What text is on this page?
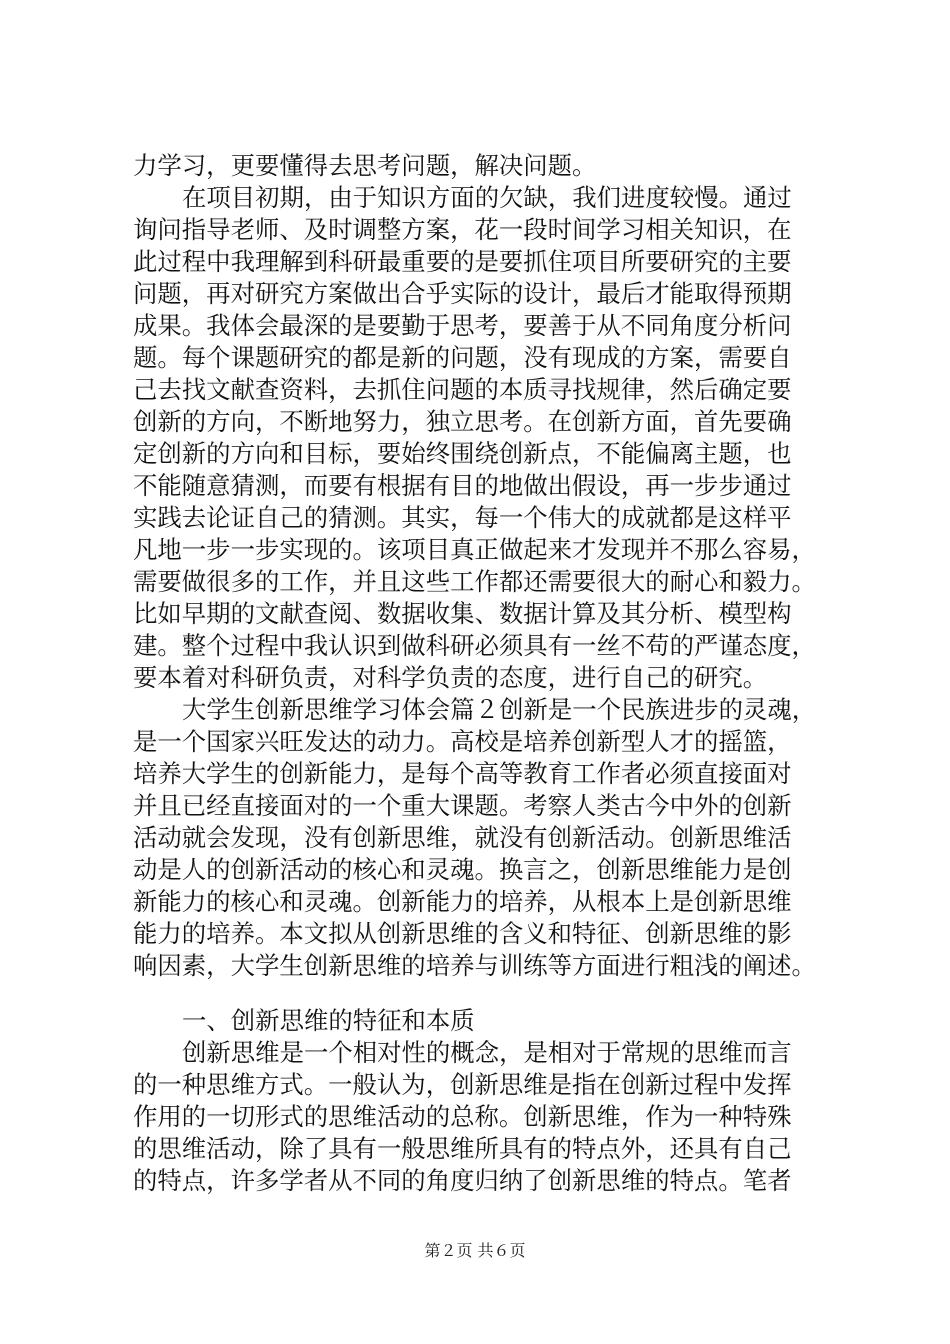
力学习，更要懂得去思考问题，解决问题。
在项目初期，由于知识方面的欠缺，我们进度较慢。通过
询问指导老师、及时调整方案，花一段时间学习相关知识，在
此过程中我理解到科研最重要的是要抓住项目所要研究的主要
问题，再对研究方案做出合乎实际的设计，最后才能取得预期
成果。我体会最深的是要勤于思考，要善于从不同角度分析问
题。每个课题研究的都是新的问题，没有现成的方案，需要自
己去找文献查资料，去抓住问题的本质寻找规律，然后确定要
创新的方向，不断地努力，独立思考。在创新方面，首先要确
定创新的方向和目标，要始终围绕创新点，不能偏离主题，也
不能随意猜测，而要有根据有目的地做出假设，再一步步通过
实践去论证自己的猜测。其实，每一个伟大的成就都是这样平
凡地一步一步实现的。该项目真正做起来才发现并不那么容易，
需要做很多的工作，并且这些工作都还需要很大的耐心和毅力。
比如早期的文献查阅、数据收集、数据计算及其分析、模型构
建。整个过程中我认识到做科研必须具有一丝不苟的严谨态度，
要本着对科研负责，对科学负责的态度，进行自己的研究。
大学生创新思维学习体会篇２创新是一个民族进步的灵魂，
是一个国家兴旺发达的动力。高校是培养创新型人才的摇篮，
培养大学生的创新能力，是每个高等教育工作者必须直接面对
并且已经直接面对的一个重大课题。考察人类古今中外的创新
活动就会发现，没有创新思维，就没有创新活动。创新思维活
动是人的创新活动的核心和灵魂。换言之，创新思维能力是创
新能力的核心和灵魂。创新能力的培养，从根本上是创新思维
能力的培养。本文拟从创新思维的含义和特征、创新思维的影
响因素，大学生创新思维的培养与训练等方面进行粗浅的阐述。
一、创新思维的特征和本质
创新思维是一个相对性的概念，是相对于常规的思维而言
的一种思维方式。一般认为，创新思维是指在创新过程中发挥
作用的一切形式的思维活动的总称。创新思维，作为一种特殊
的思维活动，除了具有一般思维所具有的特点外，还具有自己
的特点，许多学者从不同的角度归纳了创新思维的特点。笔者
第２页 共６页
